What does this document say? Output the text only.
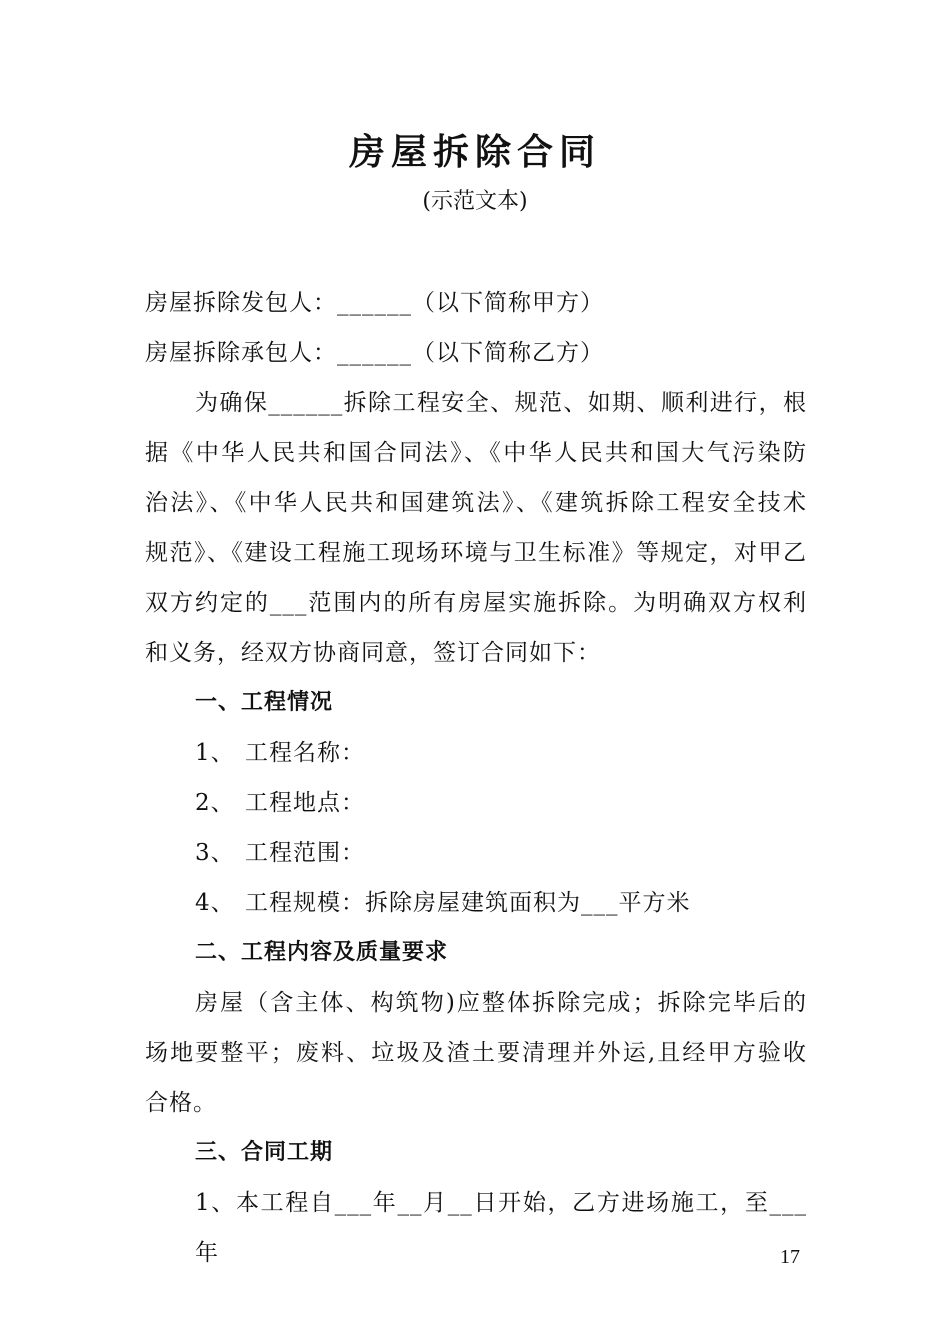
房屋拆除合同
(示范文本)
房屋拆除发包人：______（以下简称甲方）
房屋拆除承包人：______（以下简称乙方）
为确保______拆除工程安全、规范、如期、顺利进行，根
据《中华人民共和国合同法》、《中华人民共和国大气污染防
治法》、《中华人民共和国建筑法》、《建筑拆除工程安全技术
规范》、《建设工程施工现场环境与卫生标准》等规定，对甲乙
双方约定的___范围内的所有房屋实施拆除。为明确双方权利
和义务，经双方协商同意，签订合同如下：
一、工程情况
1、 工程名称：
2、 工程地点：
3、 工程范围：
4、 工程规模：拆除房屋建筑面积为___平方米
二、工程内容及质量要求
房屋（含主体、构筑物)应整体拆除完成；拆除完毕后的
场地要整平；废料、垃圾及渣土要清理并外运,且经甲方验收
合格。
三、合同工期
1、本工程自___年__月__日开始，乙方进场施工，至___年	17
